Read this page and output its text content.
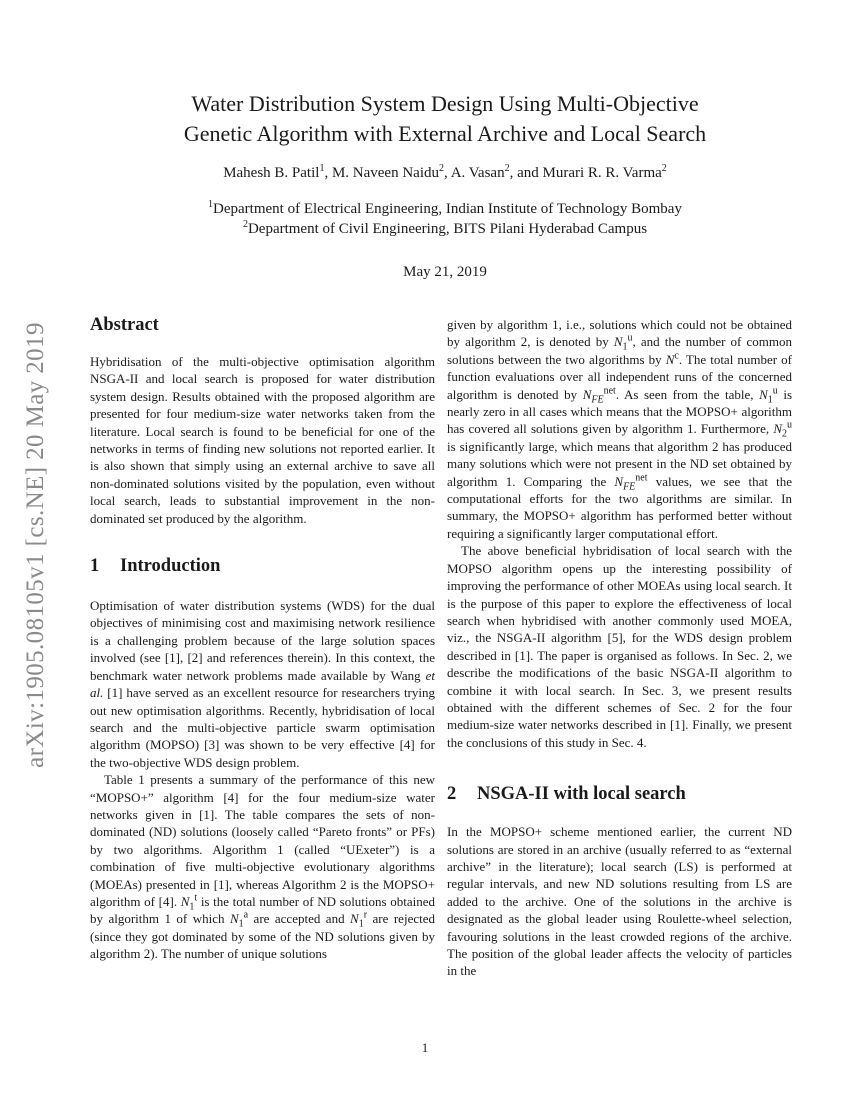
arXiv:1905.08105v1 [cs.NE] 20 May 2019
Water Distribution System Design Using Multi-Objective
Genetic Algorithm with External Archive and Local Search
Mahesh B. Patil$^1$, M. Naveen Naidu$^2$, A. Vasan$^2$, and Murari R. R. Varma$^2$
$^1$Department of Electrical Engineering, Indian Institute of Technology Bombay
$^2$Department of Civil Engineering, BITS Pilani Hyderabad Campus
May 21, 2019
Abstract

Hybridisation of the multi-objective optimisation algorithm NSGA-II and local search is proposed for water distribution system design. Results obtained with the proposed algorithm are presented for four medium-size water networks taken from the literature. Local search is found to be beneficial for one of the networks in terms of finding new solutions not reported earlier. It is also shown that simply using an external archive to save all non-dominated solutions visited by the population, even without local search, leads to substantial improvement in the non-dominated set produced by the algorithm.

1 Introduction

Optimisation of water distribution systems (WDS) for the dual objectives of minimising cost and maximising network resilience is a challenging problem because of the large solution spaces involved (see [1], [2] and references therein). In this context, the benchmark water network problems made available by Wang et al. [1] have served as an excellent resource for researchers trying out new optimisation algorithms. Recently, hybridisation of local search and the multi-objective particle swarm optimisation algorithm (MOPSO) [3] was shown to be very effective [4] for the two-objective WDS design problem.

Table 1 presents a summary of the performance of this new “MOPSO+” algorithm [4] for the four medium-size water networks given in [1]. The table compares the sets of non-dominated (ND) solutions (loosely called “Pareto fronts” or PFs) by two algorithms. Algorithm 1 (called “UExeter”) is a combination of five multi-objective evolutionary algorithms (MOEAs) presented in [1], whereas Algorithm 2 is the MOPSO+ algorithm of [4]. $N_1^t$ is the total number of ND solutions obtained by algorithm 1 of which $N_1^a$ are accepted and $N_1^r$ are rejected (since they got dominated by some of the ND solutions given by algorithm 2). The number of unique solutions

given by algorithm 1, i.e., solutions which could not be obtained by algorithm 2, is denoted by $N_1^u$, and the number of common solutions between the two algorithms by $N^c$. The total number of function evaluations over all independent runs of the concerned algorithm is denoted by $N_{FE}^{net}$. As seen from the table, $N_1^u$ is nearly zero in all cases which means that the MOPSO+ algorithm has covered all solutions given by algorithm 1. Furthermore, $N_2^u$ is significantly large, which means that algorithm 2 has produced many solutions which were not present in the ND set obtained by algorithm 1. Comparing the $N_{FE}^{net}$ values, we see that the computational efforts for the two algorithms are similar. In summary, the MOPSO+ algorithm has performed better without requiring a significantly larger computational effort.

The above beneficial hybridisation of local search with the MOPSO algorithm opens up the interesting possibility of improving the performance of other MOEAs using local search. It is the purpose of this paper to explore the effectiveness of local search when hybridised with another commonly used MOEA, viz., the NSGA-II algorithm [5], for the WDS design problem described in [1]. The paper is organised as follows. In Sec. 2, we describe the modifications of the basic NSGA-II algorithm to combine it with local search. In Sec. 3, we present results obtained with the different schemes of Sec. 2 for the four medium-size water networks described in [1]. Finally, we present the conclusions of this study in Sec. 4.

2 NSGA-II with local search

In the MOPSO+ scheme mentioned earlier, the current ND solutions are stored in an archive (usually referred to as “external archive” in the literature); local search (LS) is performed at regular intervals, and new ND solutions resulting from LS are added to the archive. One of the solutions in the archive is designated as the global leader using Roulette-wheel selection, favouring solutions in the least crowded regions of the archive. The position of the global leader affects the velocity of particles in the

1
